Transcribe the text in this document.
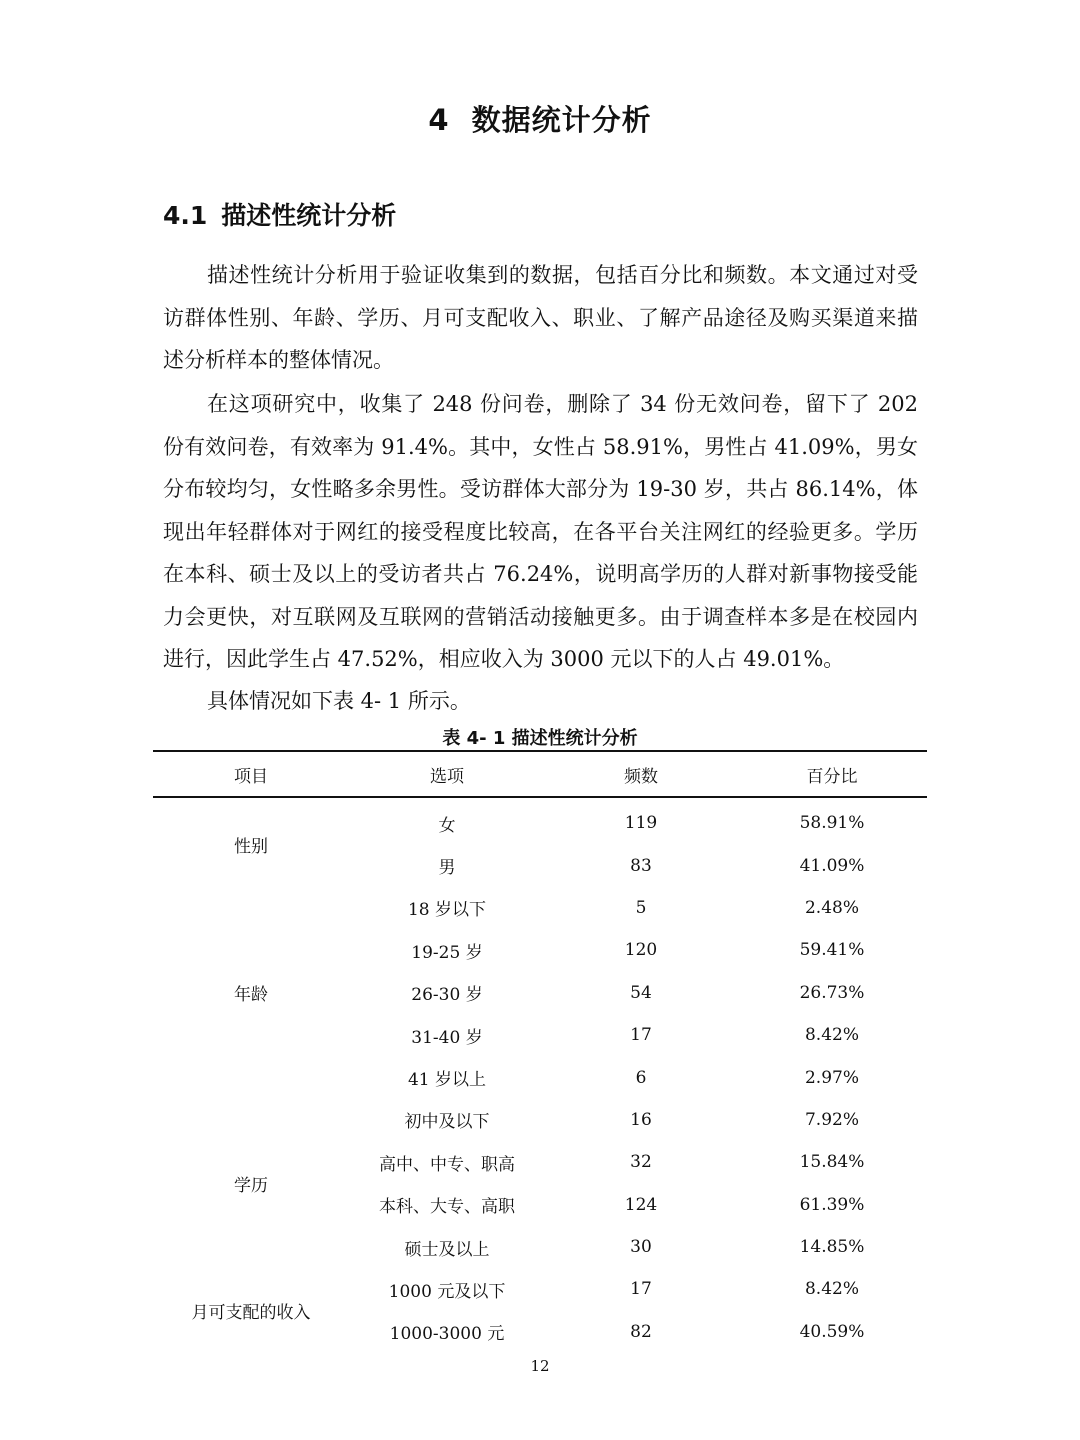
4 数据统计分析
4.1 描述性统计分析

描述性统计分析用于验证收集到的数据，包括百分比和频数。本文通过对受访群体性别、年龄、学历、月可支配收入、职业、了解产品途径及购买渠道来描述分析样本的整体情况。

在这项研究中，收集了 248 份问卷，删除了 34 份无效问卷，留下了 202 份有效问卷，有效率为 91.4%。其中，女性占 58.91%，男性占 41.09%，男女分布较均匀，女性略多余男性。受访群体大部分为 19-30 岁，共占 86.14%，体现出年轻群体对于网红的接受程度比较高，在各平台关注网红的经验更多。学历在本科、硕士及以上的受访者共占 76.24%，说明高学历的人群对新事物接受能力会更快，对互联网及互联网的营销活动接触更多。由于调查样本多是在校园内进行，因此学生占 47.52%，相应收入为 3000 元以下的人占 49.01%。

具体情况如下表 4- 1 所示。

表 4- 1 描述性统计分析
项目	选项	频数	百分比
性别	女	119	58.91%
	男	83	41.09%
年龄	18 岁以下	5	2.48%
	19-25 岁	120	59.41%
	26-30 岁	54	26.73%
	31-40 岁	17	8.42%
	41 岁以上	6	2.97%
学历	初中及以下	16	7.92%
	高中、中专、职高	32	15.84%
	本科、大专、高职	124	61.39%
	硕士及以上	30	14.85%
月可支配的收入	1000 元及以下	17	8.42%
	1000-3000 元	82	40.59%
12
